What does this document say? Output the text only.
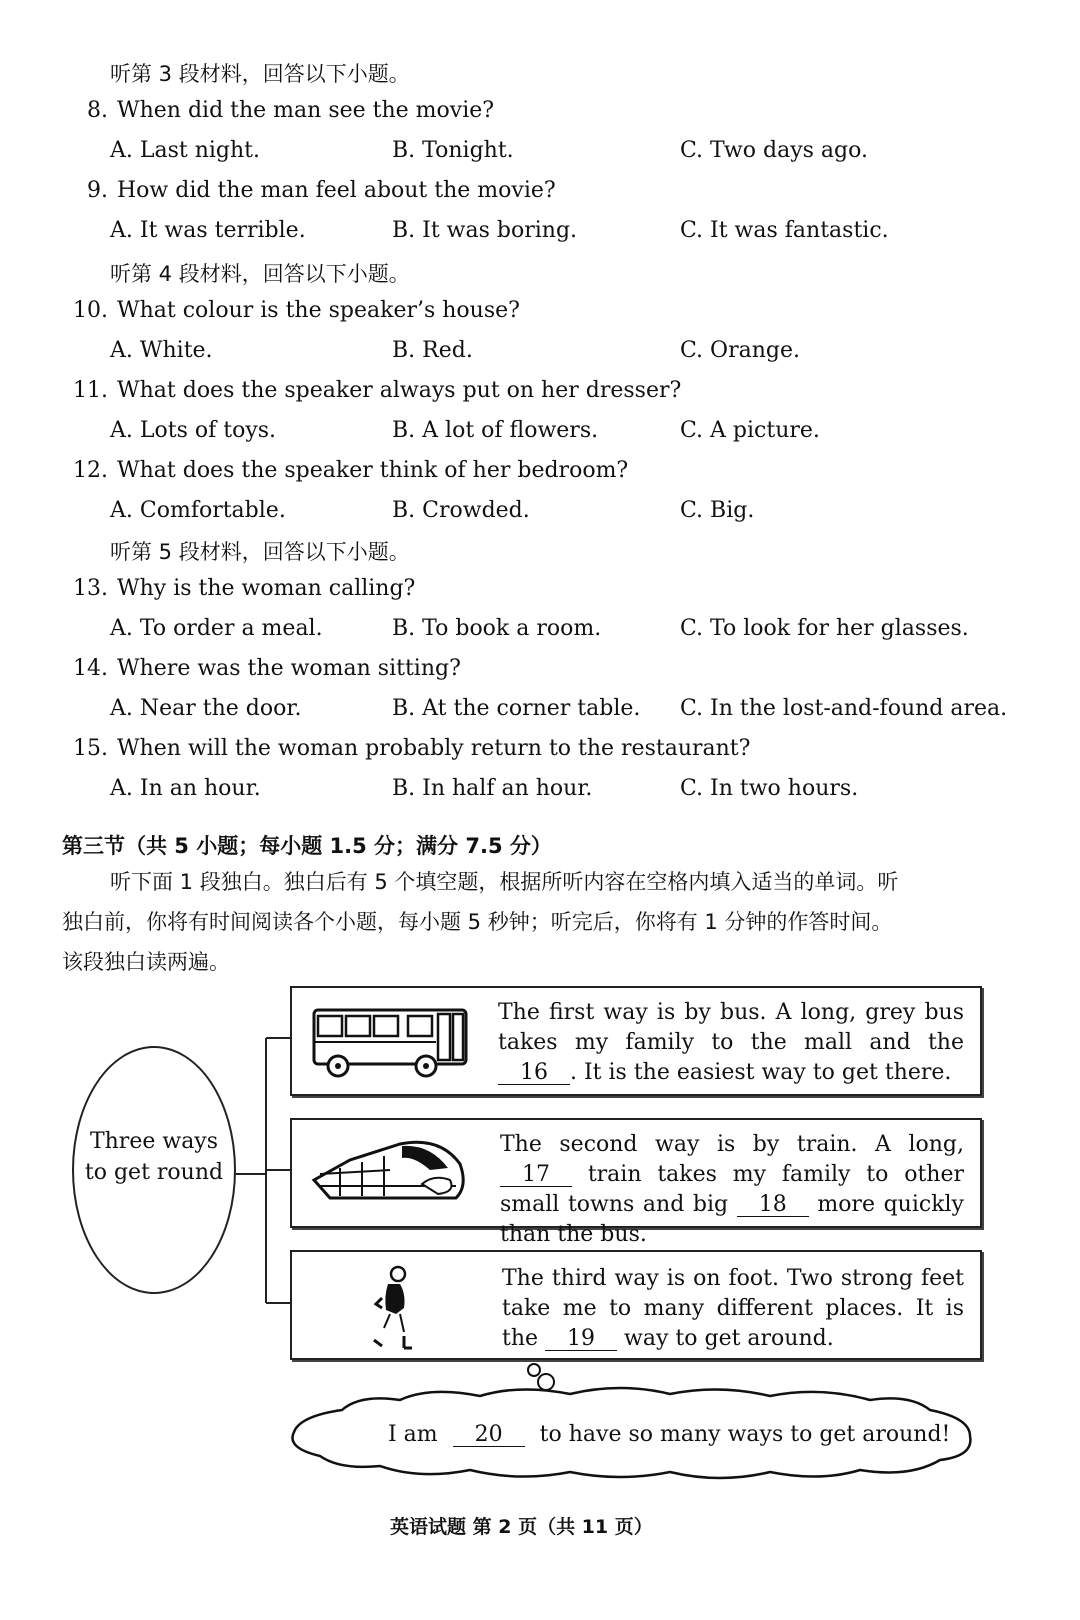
听第 3 段材料，回答以下小题。
8. When did the man see the movie?
A. Last night.	B. Tonight.	C. Two days ago.
9. How did the man feel about the movie?
A. It was terrible.	B. It was boring.	C. It was fantastic.
听第 4 段材料，回答以下小题。
10. What colour is the speaker’s house?
A. White.	B. Red.	C. Orange.
11. What does the speaker always put on her dresser?
A. Lots of toys.	B. A lot of flowers.	C. A picture.
12. What does the speaker think of her bedroom?
A. Comfortable.	B. Crowded.	C. Big.
听第 5 段材料，回答以下小题。
13. Why is the woman calling?
A. To order a meal.	B. To book a room.	C. To look for her glasses.
14. Where was the woman sitting?
A. Near the door.	B. At the corner table. C. In the lost-and-found area.
15. When will the woman probably return to the restaurant?
A. In an hour.	B. In half an hour.	C. In two hours.
第三节（共 5 小题；每小题 1.5 分；满分 7.5 分）
听下面 1 段独白。独白后有 5 个填空题，根据所听内容在空格内填入适当的单词。听
独白前，你将有时间阅读各个小题，每小题 5 秒钟；听完后，你将有 1 分钟的作答时间。
该段独白读两遍。
Three ways to get round
The first way is by bus. A long, grey bus takes my family to the mall and the 16 . It is the easiest way to get there.
The second way is by train. A long, 17 train takes my family to other small towns and big 18 more quickly than the bus.
The third way is on foot. Two strong feet take me to many different places. It is the 19 way to get around.
I am 20 to have so many ways to get around!
英语试题 第 2 页（共 11 页）
